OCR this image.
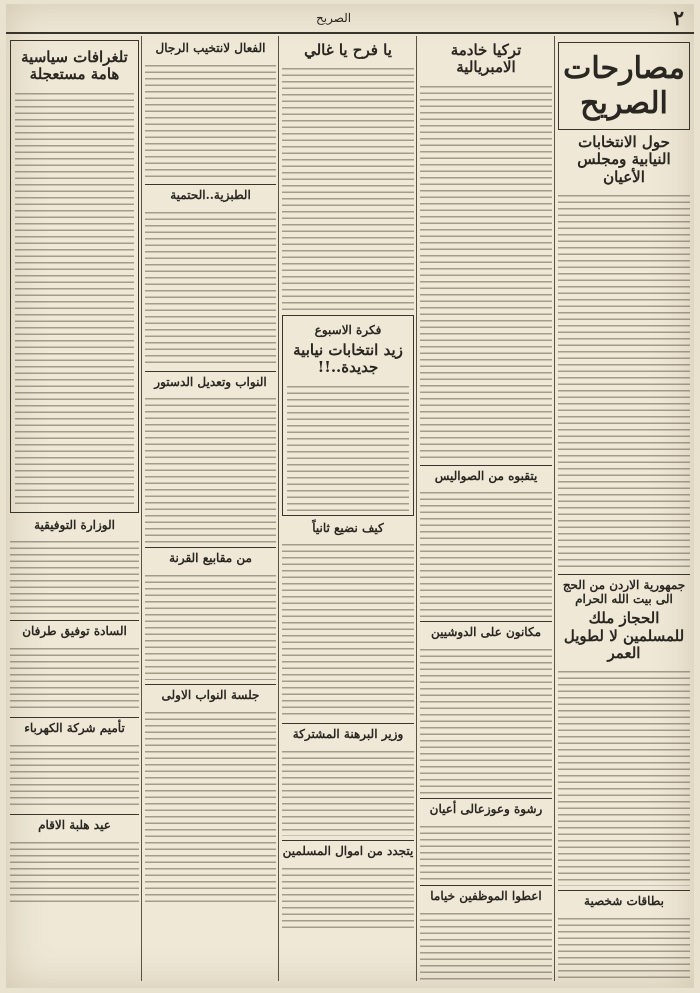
٢
الصريح
مصارحات الصريح
حول الانتخابات النيابية ومجلس الأعيان
جمهورية الاردن من الحج الى بيت الله الحرام
الحجاز ملك للمسلمين لا لطويل العمر
بطاقات شخصية
تركيا خادمة الامبريالية
يتقبوه من الصواليس
مكانون على الدوشيين
رشوة وعوزعالى أعيان
اعطوا الموظفين خياما
يا فرح يا غالي
فكرة الاسبوع
زيد انتخابات نيابية جديدة..!!
كيف نضيع ثانياً
وزير البرهنة المشتركة
يتجدد من اموال المسلمين
الفعال لانتخيب الرجال
الطبزية..الحتمية
النواب وتعديل الدستور
من مقابيع القرنة
جلسة النواب الاولى
تلغرافات سياسية هامة مستعجلة
الوزارة التوفيقية
السادة توفيق طرفان
تأميم شركة الكهرباء
عيد هلبة الاقام
